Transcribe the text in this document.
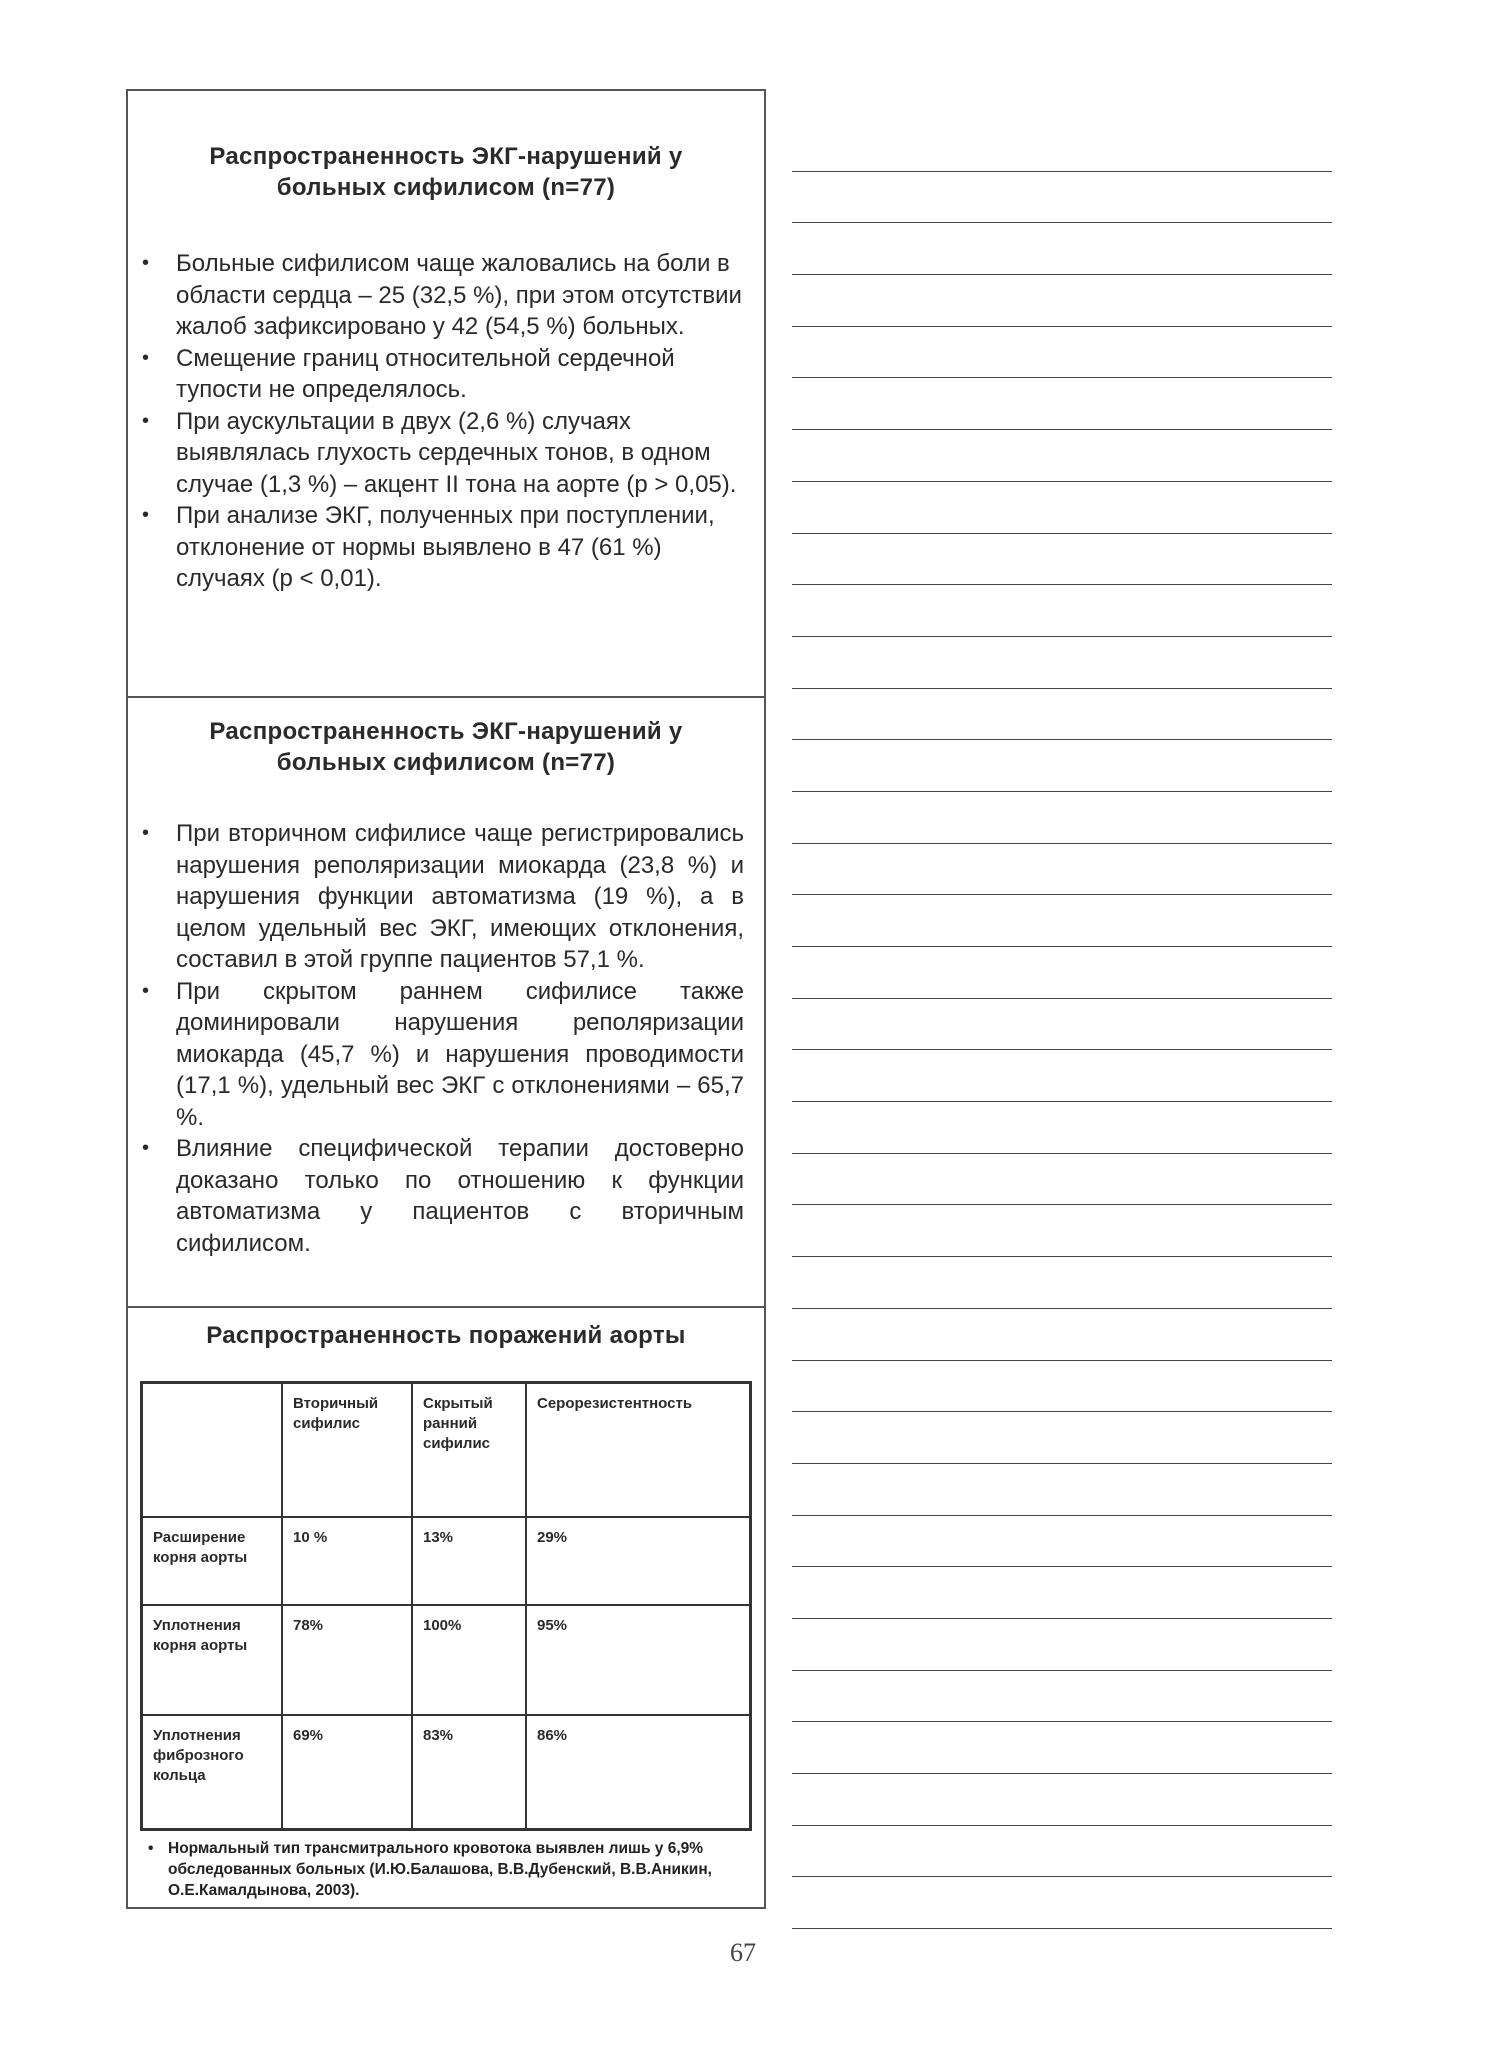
Распространенность ЭКГ-нарушений у больных сифилисом (n=77)
• Больные сифилисом чаще жаловались на боли в области сердца – 25 (32,5 %), при этом отсутствии жалоб зафиксировано у 42 (54,5 %) больных.
• Смещение границ относительной сердечной тупости не определялось.
• При аускультации в двух (2,6 %) случаях выявлялась глухость сердечных тонов, в одном случае (1,3 %) – акцент II тона на аорте (p > 0,05).
• При анализе ЭКГ, полученных при поступлении, отклонение от нормы выявлено в 47 (61 %) случаях (p < 0,01).
Распространенность ЭКГ-нарушений у больных сифилисом (n=77)
• При вторичном сифилисе чаще регистрировались нарушения реполяризации миокарда (23,8 %) и нарушения функции автоматизма (19 %), а в целом удельный вес ЭКГ, имеющих отклонения, составил в этой группе пациентов 57,1 %.
• При скрытом раннем сифилисе также доминировали нарушения реполяризации миокарда (45,7 %) и нарушения проводимости (17,1 %), удельный вес ЭКГ с отклонениями – 65,7 %.
• Влияние специфической терапии достоверно доказано только по отношению к функции автоматизма у пациентов с вторичным сифилисом.
Распространенность поражений аорты
	Вторичный сифилис	Скрытый ранний сифилис	Серорезистентность
Расширение корня аорты	10 %	13%	29%
Уплотнения корня аорты	78%	100%	95%
Уплотнения фиброзного кольца	69%	83%	86%
• Нормальный тип трансмитрального кровотока выявлен лишь у 6,9% обследованных больных (И.Ю.Балашова, В.В.Дубенский, В.В.Аникин, О.Е.Камалдынова, 2003).
67
